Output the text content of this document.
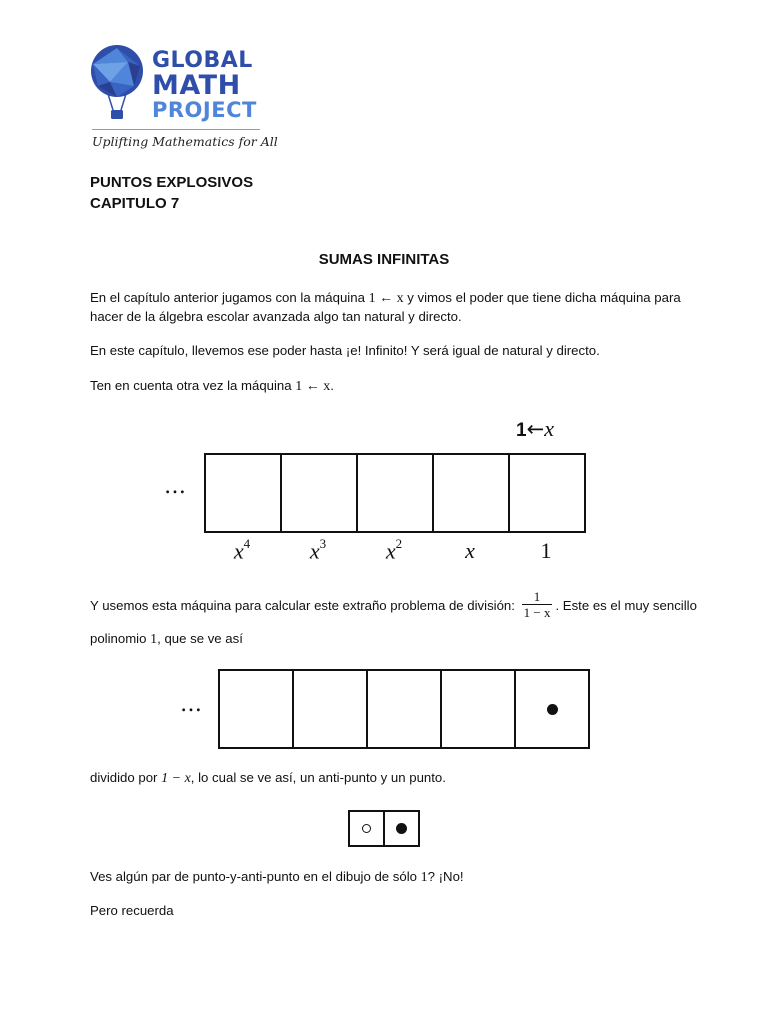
GLOBAL
MATH
PROJECT
Uplifting Mathematics for All
PUNTOS EXPLOSIVOS
CAPITULO 7
SUMAS INFINITAS
En el capítulo anterior jugamos con la máquina 1 ← x y vimos el poder que tiene dicha máquina para
hacer de la álgebra escolar avanzada algo tan natural y directo.
En este capítulo, llevemos ese poder hasta ¡e! Infinito! Y será igual de natural y directo.
Ten en cuenta otra vez la máquina 1 ← x.
1←x
…
$x^4$	$x^3$	$x^2$	x	1
Y usemos esta máquina para calcular este extraño problema de división: $\frac{1}{1 - x}$ . Este es el muy sencillo
polinomio 1, que se ve así
…
dividido por 1 − x, lo cual se ve así, un anti-punto y un punto.
Ves algún par de punto-y-anti-punto en el dibujo de sólo 1? ¡No!
Pero recuerda
